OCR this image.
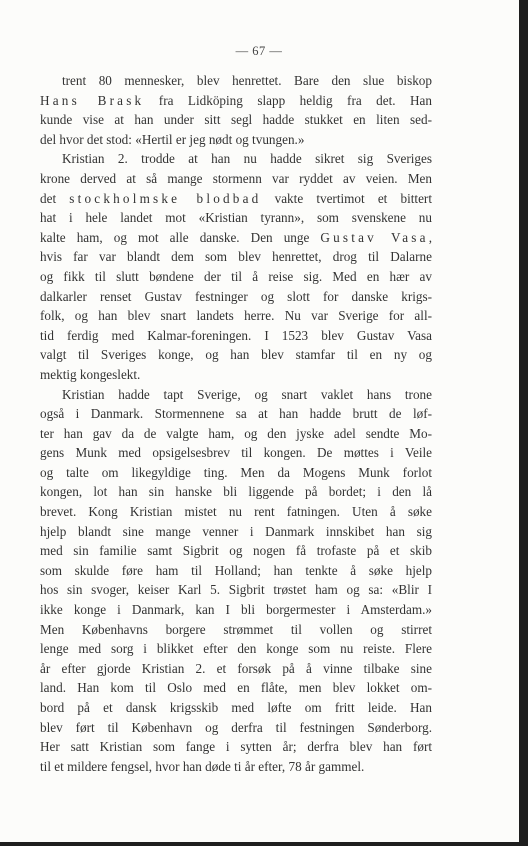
— 67 —

trent 80 mennesker, blev henrettet. Bare den slue biskop
Hans Brask fra Lidköping slapp heldig fra det. Han
kunde vise at han under sitt segl hadde stukket en liten sed-
del hvor det stod: «Hertil er jeg nødt og tvungen.»

Kristian 2. trodde at han nu hadde sikret sig Sveriges
krone derved at så mange stormenn var ryddet av veien. Men
det stockholmske blodbad vakte tvertimot et bittert
hat i hele landet mot «Kristian tyrann», som svenskene nu
kalte ham, og mot alle danske. Den unge Gustav Vasa,
hvis far var blandt dem som blev henrettet, drog til Dalarne
og fikk til slutt bøndene der til å reise sig. Med en hær av
dalkarler renset Gustav festninger og slott for danske krigs-
folk, og han blev snart landets herre. Nu var Sverige for all-
tid ferdig med Kalmar-foreningen. I 1523 blev Gustav Vasa
valgt til Sveriges konge, og han blev stamfar til en ny og
mektig kongeslekt.

Kristian hadde tapt Sverige, og snart vaklet hans trone
også i Danmark. Stormennene sa at han hadde brutt de løf-
ter han gav da de valgte ham, og den jyske adel sendte Mo-
gens Munk med opsigelsesbrev til kongen. De møttes i Veile
og talte om likegyldige ting. Men da Mogens Munk forlot
kongen, lot han sin hanske bli liggende på bordet; i den lå
brevet. Kong Kristian mistet nu rent fatningen. Uten å søke
hjelp blandt sine mange venner i Danmark innskibet han sig
med sin familie samt Sigbrit og nogen få trofaste på et skib
som skulde føre ham til Holland; han tenkte å søke hjelp
hos sin svoger, keiser Karl 5. Sigbrit trøstet ham og sa: «Blir I
ikke konge i Danmark, kan I bli borgermester i Amsterdam.»
Men Københavns borgere strømmet til vollen og stirret
lenge med sorg i blikket efter den konge som nu reiste. Flere
år efter gjorde Kristian 2. et forsøk på å vinne tilbake sine
land. Han kom til Oslo med en flåte, men blev lokket om-
bord på et dansk krigsskib med løfte om fritt leide. Han
blev ført til København og derfra til festningen Sønderborg.
Her satt Kristian som fange i sytten år; derfra blev han ført
til et mildere fengsel, hvor han døde ti år efter, 78 år gammel.
